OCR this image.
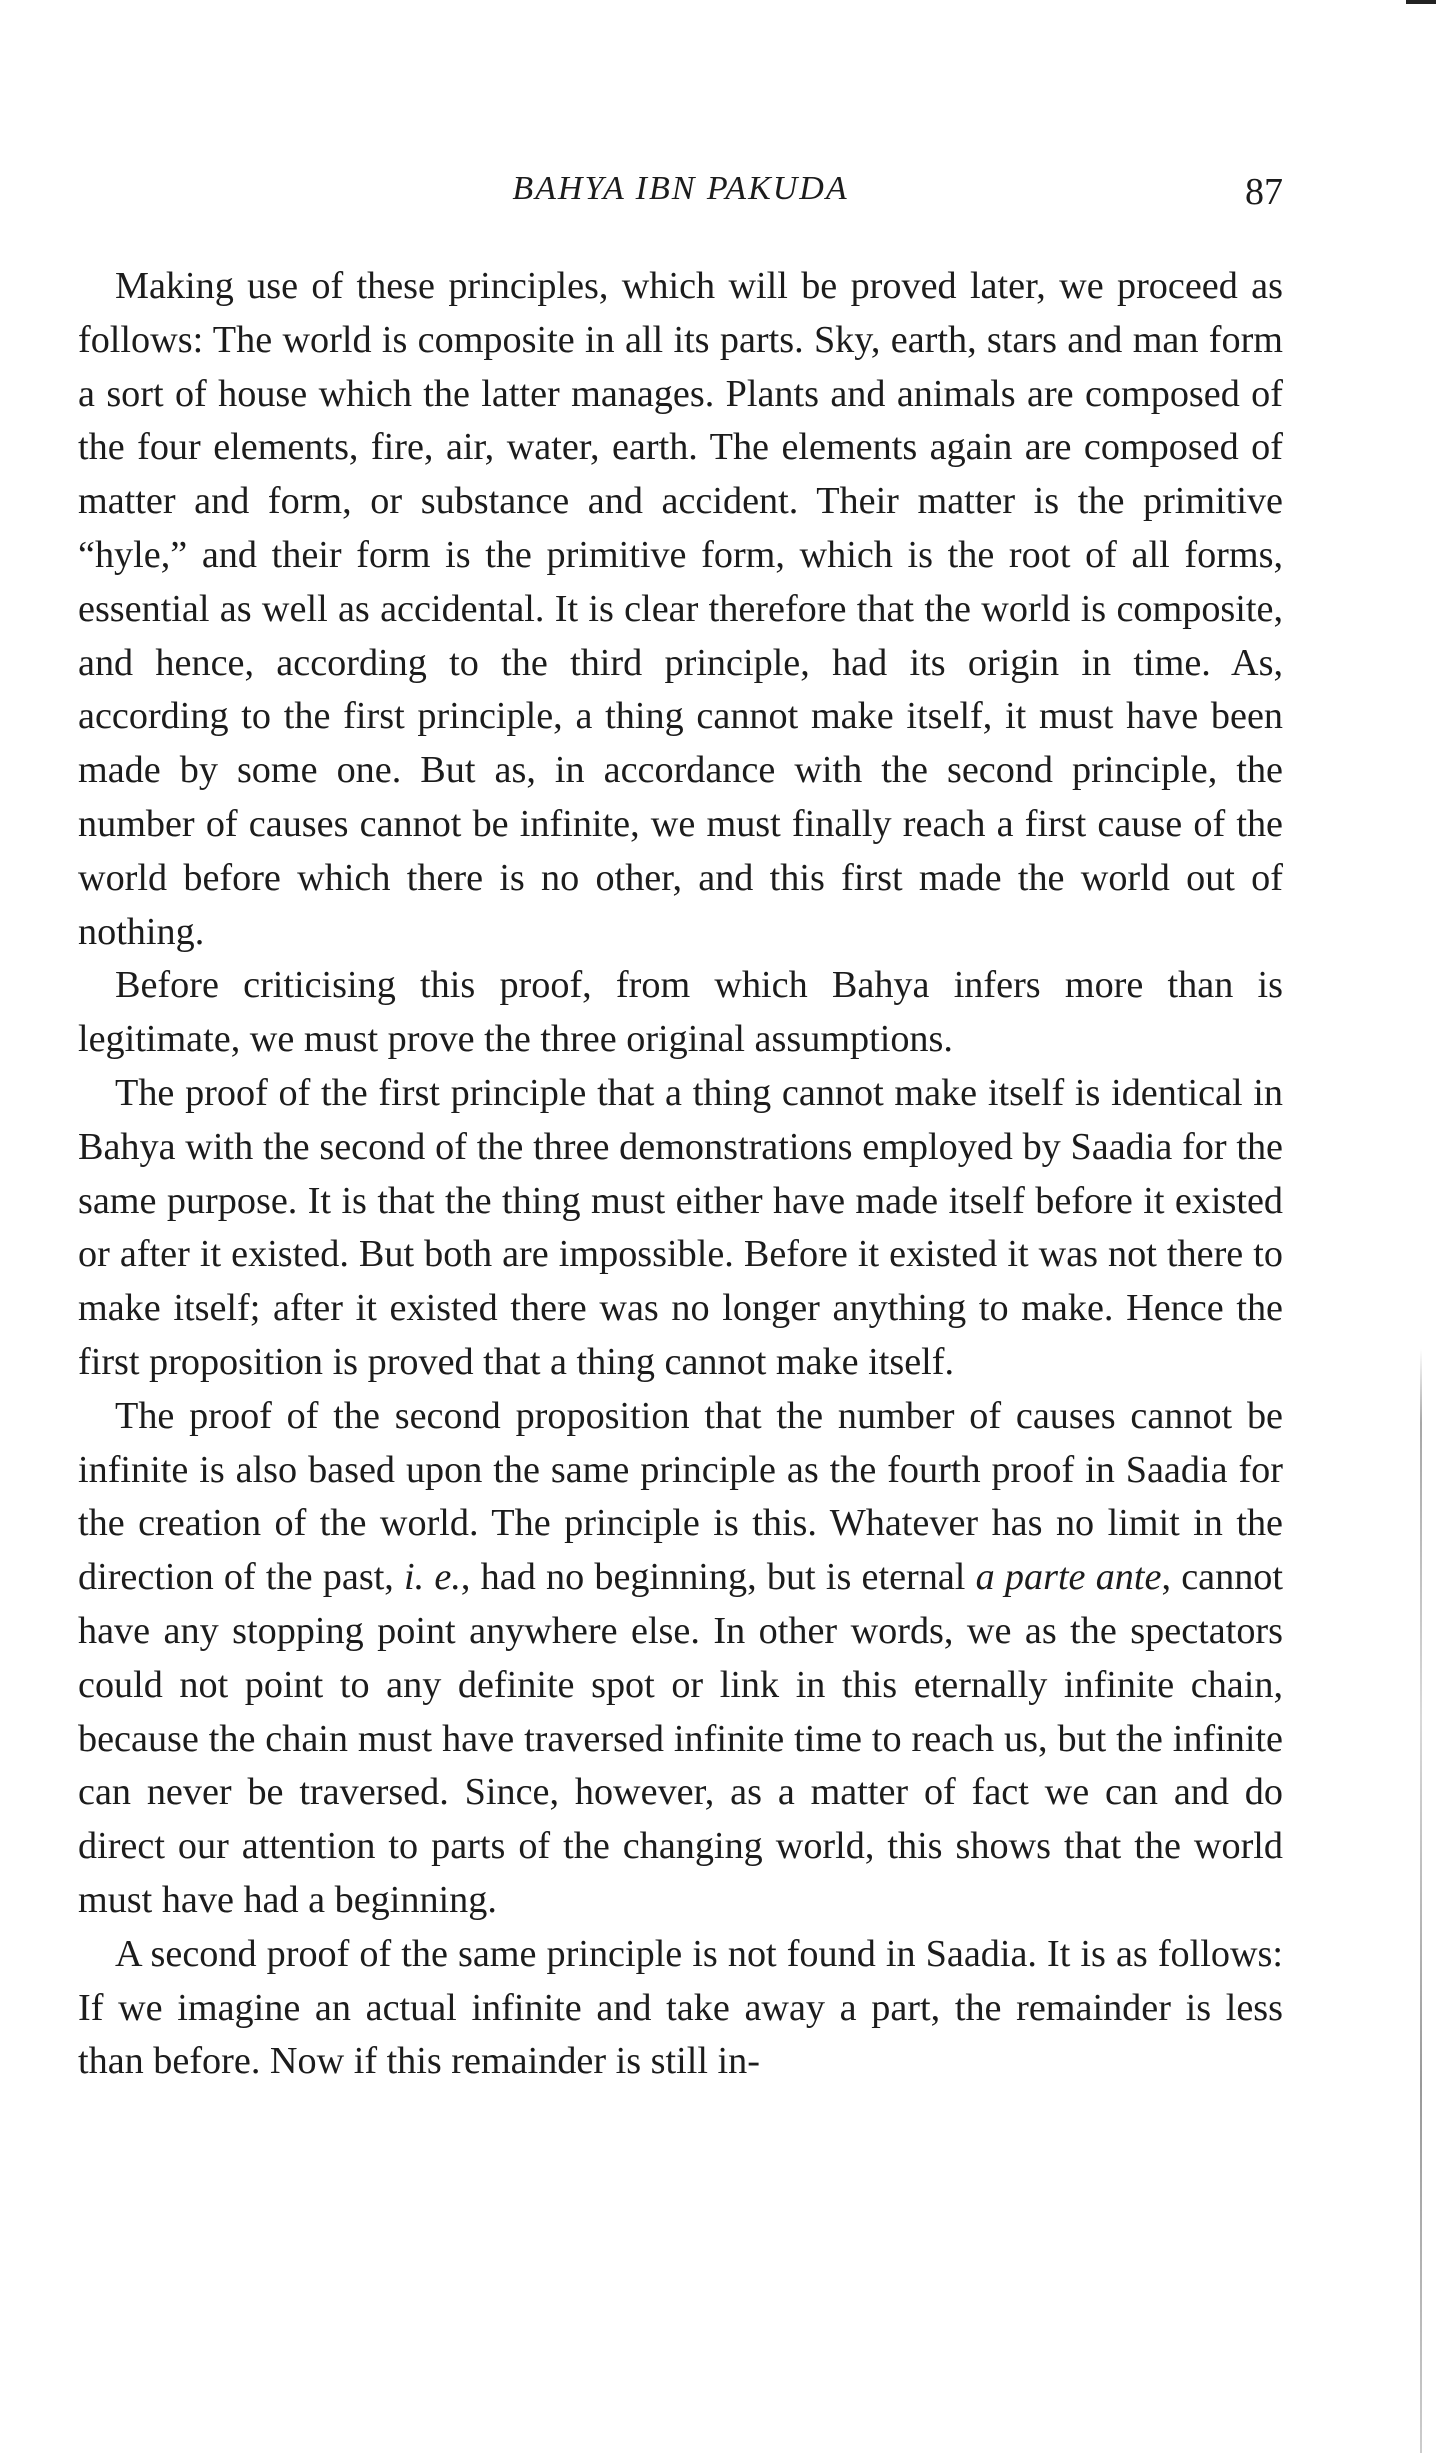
BAHYA IBN PAKUDA	87

Making use of these principles, which will be proved later, we proceed as follows: The world is composite in all its parts. Sky, earth, stars and man form a sort of house which the latter manages. Plants and animals are composed of the four elements, fire, air, water, earth. The elements again are composed of matter and form, or substance and accident. Their matter is the primitive “hyle,” and their form is the primitive form, which is the root of all forms, essential as well as accidental. It is clear therefore that the world is composite, and hence, according to the third principle, had its origin in time. As, according to the first principle, a thing cannot make itself, it must have been made by some one. But as, in accordance with the second principle, the number of causes cannot be infinite, we must finally reach a first cause of the world before which there is no other, and this first made the world out of nothing.

Before criticising this proof, from which Bahya infers more than is legitimate, we must prove the three original assumptions.

The proof of the first principle that a thing cannot make itself is identical in Bahya with the second of the three demonstrations employed by Saadia for the same purpose. It is that the thing must either have made itself before it existed or after it existed. But both are impossible. Before it existed it was not there to make itself; after it existed there was no longer anything to make. Hence the first proposition is proved that a thing cannot make itself.

The proof of the second proposition that the number of causes cannot be infinite is also based upon the same principle as the fourth proof in Saadia for the creation of the world. The principle is this. Whatever has no limit in the direction of the past, i. e., had no beginning, but is eternal a parte ante, cannot have any stopping point anywhere else. In other words, we as the spectators could not point to any definite spot or link in this eternally infinite chain, because the chain must have traversed infinite time to reach us, but the infinite can never be traversed. Since, however, as a matter of fact we can and do direct our attention to parts of the changing world, this shows that the world must have had a beginning.

A second proof of the same principle is not found in Saadia. It is as follows: If we imagine an actual infinite and take away a part, the remainder is less than before. Now if this remainder is still in-
